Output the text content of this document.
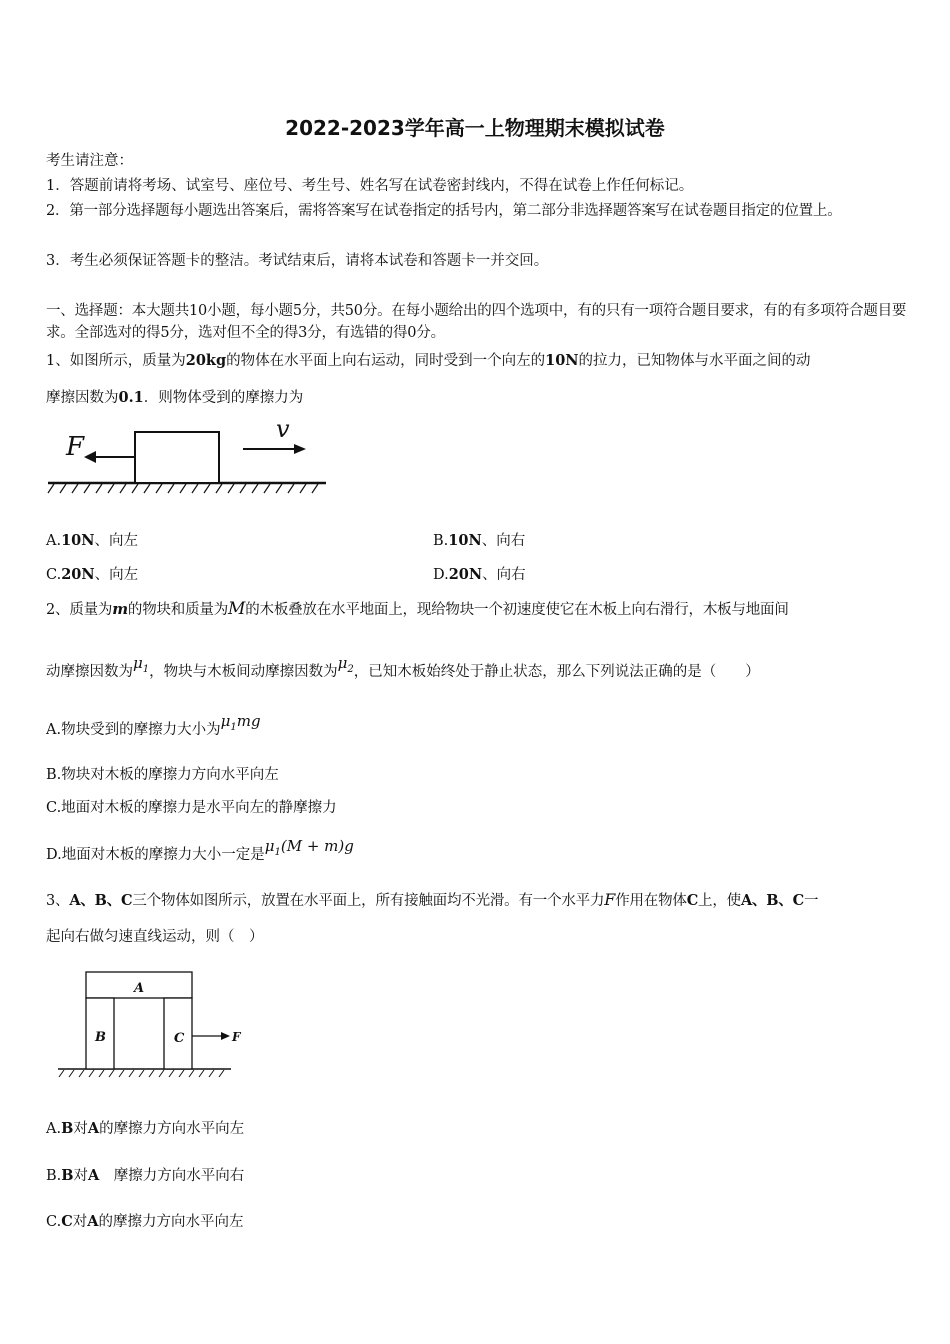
2022-2023学年高一上物理期末模拟试卷
考生请注意：
1．答题前请将考场、试室号、座位号、考生号、姓名写在试卷密封线内，不得在试卷上作任何标记。
2．第一部分选择题每小题选出答案后，需将答案写在试卷指定的括号内，第二部分非选择题答案写在试卷题目指定的位置上。
3．考生必须保证答题卡的整洁。考试结束后，请将本试卷和答题卡一并交回。
一、选择题：本大题共10小题，每小题5分，共50分。在每小题给出的四个选项中，有的只有一项符合题目要求，有的有多项符合题目要求。全部选对的得5分，选对但不全的得3分，有选错的得0分。
1、如图所示，质量为20kg的物体在水平面上向右运动，同时受到一个向左的10N的拉力，已知物体与水平面之间的动
摩擦因数为0.1．则物体受到的摩擦力为
F
v
A.10N、向左	B.10N、向右
C.20N、向左	D.20N、向右
2、质量为m的物块和质量为M的木板叠放在水平地面上，现给物块一个初速度使它在木板上向右滑行，木板与地面间
动摩擦因数为$\mu_1$，物块与木板间动摩擦因数为$\mu_2$，已知木板始终处于静止状态，那么下列说法正确的是（　　）
A.物块受到的摩擦力大小为$\mu_1mg$
B.物块对木板的摩擦力方向水平向左
C.地面对木板的摩擦力是水平向左的静摩擦力
D.地面对木板的摩擦力大小一定是$\mu_1(M + m)g$
3、A、B、C三个物体如图所示，放置在水平面上，所有接触面均不光滑。有一个水平力F作用在物体C上，使A、B、C一
起向右做匀速直线运动，则（　）
A
B	C	F
A.B对A的摩擦力方向水平向左
B.B对A　摩擦力方向水平向右
C.C对A的摩擦力方向水平向左
